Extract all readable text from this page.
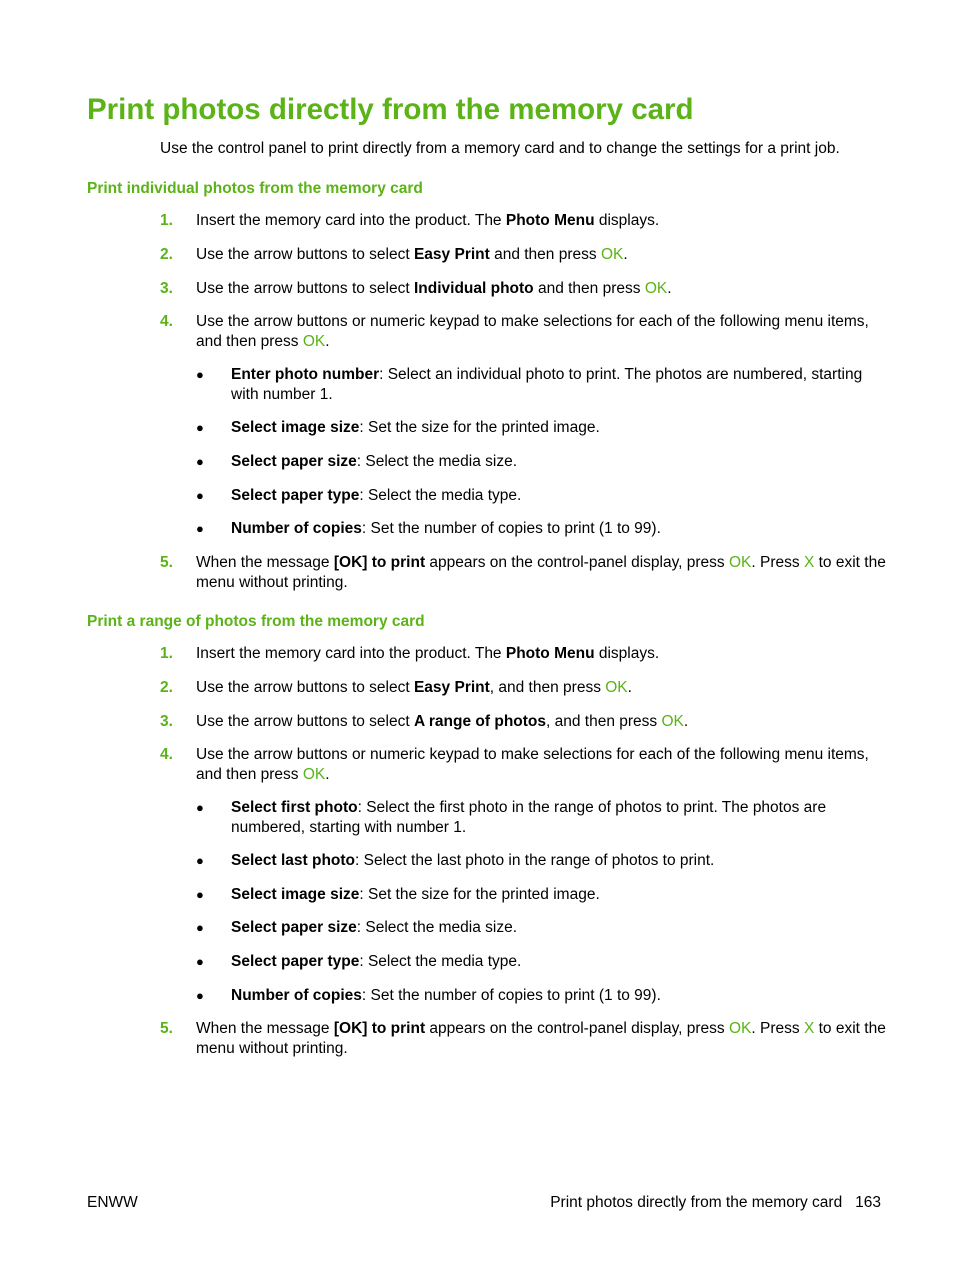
Print photos directly from the memory card

Use the control panel to print directly from a memory card and to change the settings for a print job.

Print individual photos from the memory card
1. Insert the memory card into the product. The Photo Menu displays.
2. Use the arrow buttons to select Easy Print and then press OK.
3. Use the arrow buttons to select Individual photo and then press OK.
4. Use the arrow buttons or numeric keypad to make selections for each of the following menu items, and then press OK.
● Enter photo number: Select an individual photo to print. The photos are numbered, starting with number 1.
● Select image size: Set the size for the printed image.
● Select paper size: Select the media size.
● Select paper type: Select the media type.
● Number of copies: Set the number of copies to print (1 to 99).
5. When the message [OK] to print appears on the control-panel display, press OK. Press X to exit the menu without printing.
Print a range of photos from the memory card
1. Insert the memory card into the product. The Photo Menu displays.
2. Use the arrow buttons to select Easy Print, and then press OK.
3. Use the arrow buttons to select A range of photos, and then press OK.
4. Use the arrow buttons or numeric keypad to make selections for each of the following menu items, and then press OK.
● Select first photo: Select the first photo in the range of photos to print. The photos are numbered, starting with number 1.
● Select last photo: Select the last photo in the range of photos to print.
● Select image size: Set the size for the printed image.
● Select paper size: Select the media size.
● Select paper type: Select the media type.
● Number of copies: Set the number of copies to print (1 to 99).
5. When the message [OK] to print appears on the control-panel display, press OK. Press X to exit the menu without printing.
ENWW	Print photos directly from the memory card   163
